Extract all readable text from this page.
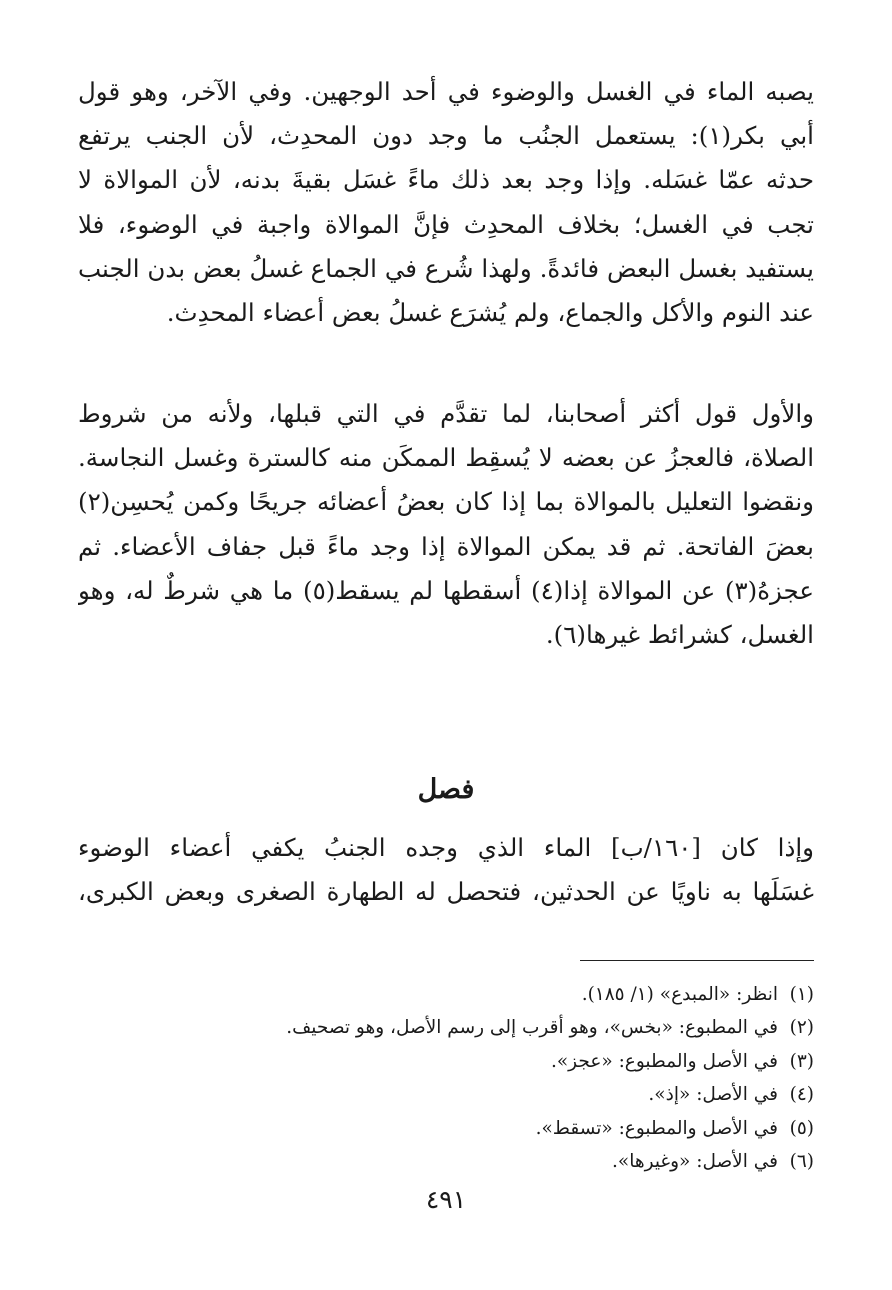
يصبه الماء في الغسل والوضوء في أحد الوجهين. وفي الآخر، وهو قول
أبي بكر(١): يستعمل الجنُب ما وجد دون المحدِث، لأن الجنب يرتفع
حدثه عمّا غسَله. وإذا وجد بعد ذلك ماءً غسَل بقيةَ بدنه، لأن الموالاة لا
تجب في الغسل؛ بخلاف المحدِث فإنَّ الموالاة واجبة في الوضوء، فلا
يستفيد بغسل البعض فائدةً. ولهذا شُرع في الجماع غسلُ بعض بدن الجنب
عند النوم والأكل والجماع، ولم يُشرَع غسلُ بعض أعضاء المحدِث.
والأول قول أكثر أصحابنا، لما تقدَّم في التي قبلها، ولأنه من شروط
الصلاة، فالعجزُ عن بعضه لا يُسقِط الممكَن منه كالسترة وغسل النجاسة.
ونقضوا التعليل بالموالاة بما إذا كان بعضُ أعضائه جريحًا وكمن يُحسِن(٢)
بعضَ الفاتحة. ثم قد يمكن الموالاة إذا وجد ماءً قبل جفاف الأعضاء. ثم
عجزهُ(٣) عن الموالاة إذا(٤) أسقطها لم يسقط(٥) ما هي شرطٌ له، وهو
الغسل، كشرائط غيرها(٦).
فصل
وإذا كان [١٦٠/ب] الماء الذي وجده الجنبُ يكفي أعضاء الوضوء
غسَلَها به ناويًا عن الحدثين، فتحصل له الطهارة الصغرى وبعض الكبرى،
(١)انظر: «المبدع» (١/ ١٨٥).
(٢)في المطبوع: «بخس»، وهو أقرب إلى رسم الأصل، وهو تصحيف.
(٣)في الأصل والمطبوع: «عجز».
(٤)في الأصل: «إذ».
(٥)في الأصل والمطبوع: «تسقط».
(٦)في الأصل: «وغيرها».
٤٩١
